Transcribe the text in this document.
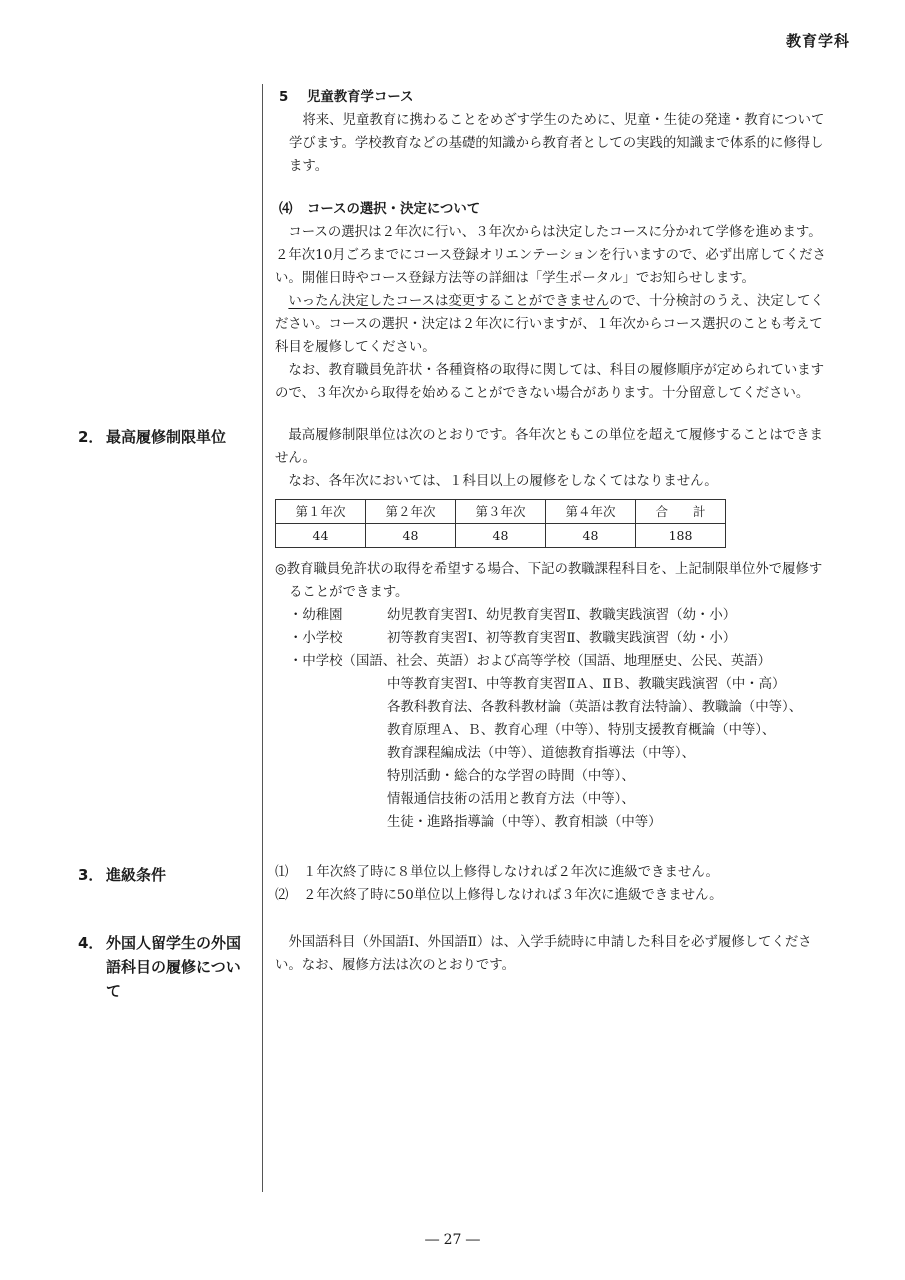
教育学科
5 児童教育学コース

将来、児童教育に携わることをめざす学生のために、児童・生徒の発達・教育について

学びます。学校教育などの基礎的知識から教育者としての実践的知識まで体系的に修得し

ます。

⑷ コースの選択・決定について

コースの選択は２年次に行い、３年次からは決定したコースに分かれて学修を進めます。

２年次10月ごろまでにコース登録オリエンテーションを行いますので、必ず出席してくださ

い。開催日時やコース登録方法等の詳細は「学生ポータル」でお知らせします。

いったん決定したコースは変更することができませんので、十分検討のうえ、決定してく

ださい。コースの選択・決定は２年次に行いますが、１年次からコース選択のことも考えて

科目を履修してください。

なお、教育職員免許状・各種資格の取得に関しては、科目の履修順序が定められています

ので、３年次から取得を始めることができない場合があります。十分留意してください。

2． 最高履修制限単位	最高履修制限単位は次のとおりです。各年次ともこの単位を超えて履修することはできま

せん。

なお、各年次においては、１科目以上の履修をしなくてはなりません。

第１年次	第２年次	第３年次	第４年次	合　　計
44	48	48	48	188

◎教育職員免許状の取得を希望する場合、下記の教職課程科目を、上記制限単位外で履修す

ることができます。

・幼稚園	幼児教育実習Ⅰ、幼児教育実習Ⅱ、教職実践演習（幼・小）
・小学校	初等教育実習Ⅰ、初等教育実習Ⅱ、教職実践演習（幼・小）

・中学校（国語、社会、英語）および高等学校（国語、地理歴史、公民、英語）

中等教育実習Ⅰ、中等教育実習ⅡＡ、ⅡＢ、教職実践演習（中・高）

各教科教育法、各教科教材論（英語は教育法特論）、教職論（中等）、

教育原理Ａ、Ｂ、教育心理（中等）、特別支援教育概論（中等）、

教育課程編成法（中等）、道徳教育指導法（中等）、

特別活動・総合的な学習の時間（中等）、

情報通信技術の活用と教育方法（中等）、

生徒・進路指導論（中等）、教育相談（中等）

3． 進級条件	⑴	１年次終了時に８単位以上修得しなければ２年次に進級できません。
⑵	２年次終了時に50単位以上修得しなければ３年次に進級できません。
4． 外国人留学生の外国
語科目の履修につい
て

外国語科目（外国語Ⅰ、外国語Ⅱ）は、入学手続時に申請した科目を必ず履修してくださ

い。なお、履修方法は次のとおりです。

― 27 ―
